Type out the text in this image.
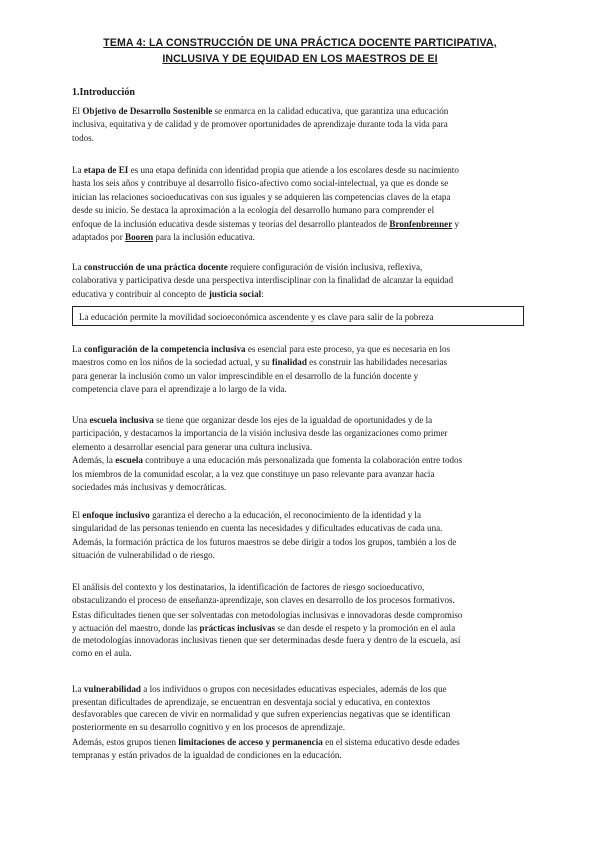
TEMA 4: LA CONSTRUCCIÓN DE UNA PRÁCTICA DOCENTE PARTICIPATIVA,
INCLUSIVA Y DE EQUIDAD EN LOS MAESTROS DE EI
1.Introducción
El Objetivo de Desarrollo Sostenible se enmarca en la calidad educativa, que garantiza una educación
inclusiva, equitativa y de calidad y de promover oportunidades de aprendizaje durante toda la vida para
todos.
La etapa de EI es una etapa definida con identidad propia que atiende a los escolares desde su nacimiento
hasta los seis años y contribuye al desarrollo físico-afectivo como social-intelectual, ya que es donde se
inician las relaciones socioeducativas con sus iguales y se adquieren las competencias claves de la etapa
desde su inicio. Se destaca la aproximación a la ecología del desarrollo humano para comprender el
enfoque de la inclusión educativa desde sistemas y teorías del desarrollo planteados de Bronfenbrenner y
adaptados por Booren para la inclusión educativa.
La construcción de una práctica docente requiere configuración de visión inclusiva, reflexiva,
colaborativa y participativa desde una perspectiva interdisciplinar con la finalidad de alcanzar la equidad
educativa y contribuir al concepto de justicia social:
La educación permite la movilidad socioeconómica ascendente y es clave para salir de la pobreza
La configuración de la competencia inclusiva es esencial para este proceso, ya que es necesaria en los
maestros como en los niños de la sociedad actual, y su finalidad es construir las habilidades necesarias
para generar la inclusión como un valor imprescindible en el desarrollo de la función docente y
competencia clave para el aprendizaje a lo largo de la vida.
Una escuela inclusiva se tiene que organizar desde los ejes de la igualdad de oportunidades y de la
participación, y destacamos la importancia de la visión inclusiva desde las organizaciones como primer
elemento a desarrollar esencial para generar una cultura inclusiva.
Además, la escuela contribuye a una educación más personalizada que fomenta la colaboración entre todos
los miembros de la comunidad escolar, a la vez que constituye un paso relevante para avanzar hacia
sociedades más inclusivas y democráticas.
El enfoque inclusivo garantiza el derecho a la educación, el reconocimiento de la identidad y la
singularidad de las personas teniendo en cuenta las necesidades y dificultades educativas de cada una.
Además, la formación práctica de los futuros maestros se debe dirigir a todos los grupos, también a los de
situación de vulnerabilidad o de riesgo.
El análisis del contexto y los destinatarios, la identificación de factores de riesgo socioeducativo,
obstaculizando el proceso de enseñanza-aprendizaje, son claves en desarrollo de los procesos formativos.
Estas dificultades tienen que ser solventadas con metodologías inclusivas e innovadoras desde compromiso
y actuación del maestro, donde las prácticas inclusivas se dan desde el respeto y la promoción en el aula
de metodologías innovadoras inclusivas tienen que ser determinadas desde fuera y dentro de la escuela, así
como en el aula.
La vulnerabilidad a los individuos o grupos con necesidades educativas especiales, además de los que
presentan dificultades de aprendizaje, se encuentran en desventaja social y educativa, en contextos
desfavorables que carecen de vivir en normalidad y que sufren experiencias negativas que se identifican
posteriormente en su desarrollo cognitivo y en los procesos de aprendizaje.
Además, estos grupos tienen limitaciones de acceso y permanencia en el sistema educativo desde edades
tempranas y están privados de la igualdad de condiciones en la educación.
